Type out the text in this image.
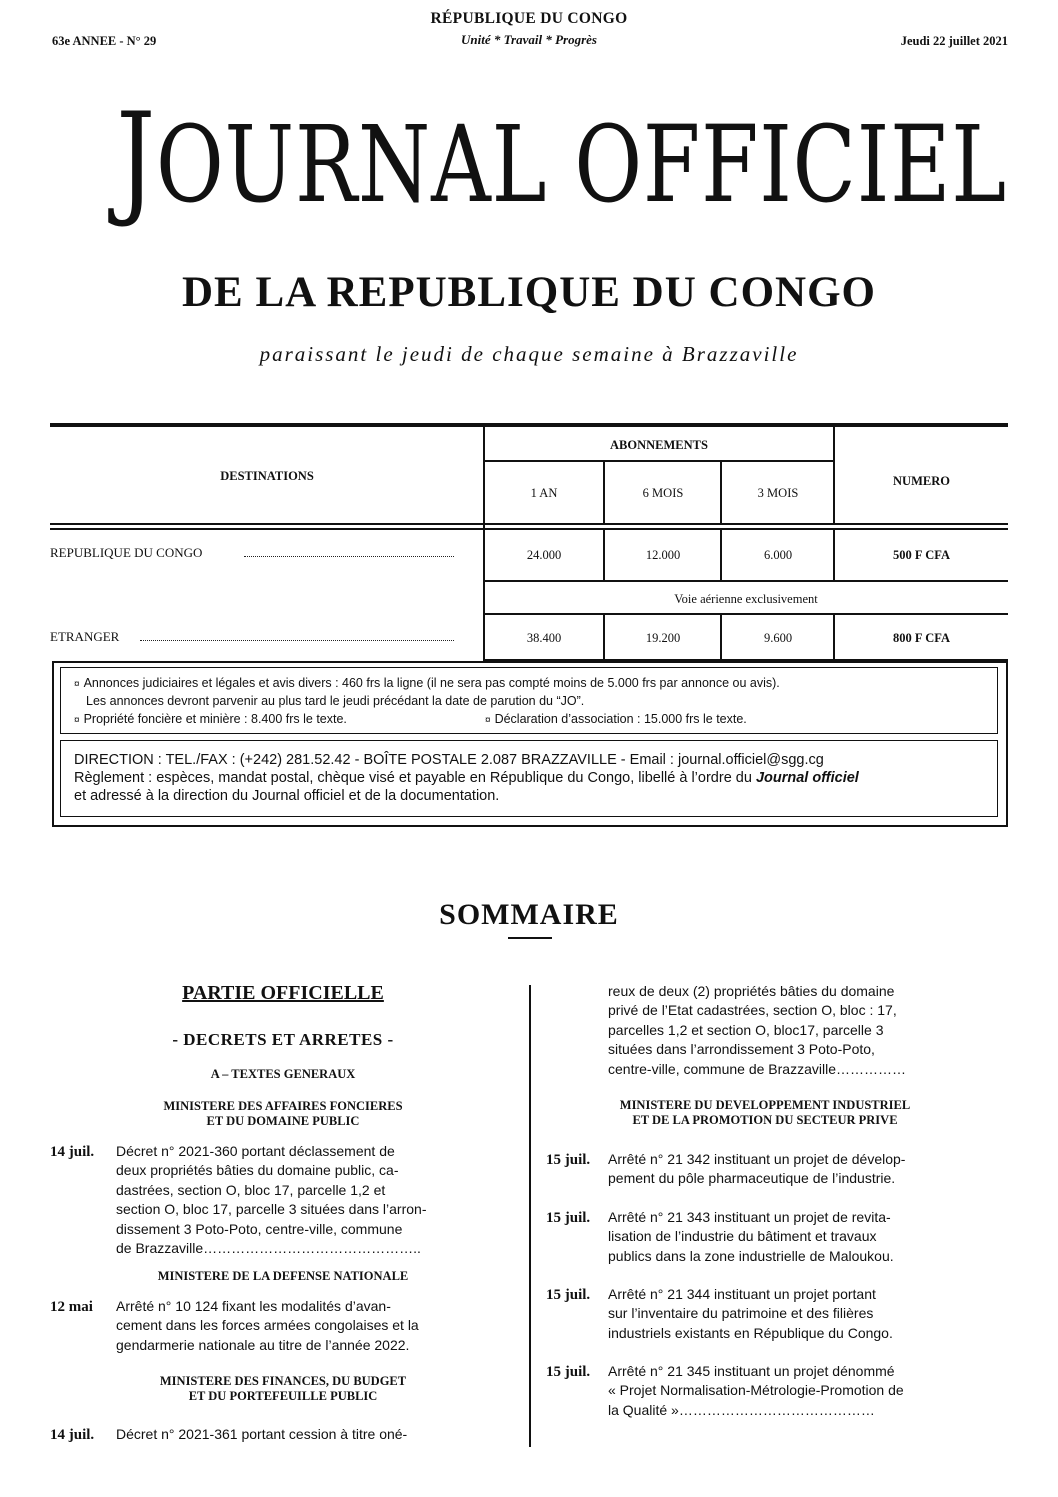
63e ANNEE - N° 29
RÉPUBLIQUE DU CONGO
Unité * Travail * Progrès	Jeudi 22 juillet 2021
JOURNAL OFFICIEL
DE LA REPUBLIQUE DU CONGO
paraissant le jeudi de chaque semaine à Brazzaville
DESTINATIONS
ABONNEMENTS
NUMERO
1 AN	6 MOIS	3 MOIS
REPUBLIQUE DU CONGO	24.000	12.000	6.000	500 F CFA
Voie aérienne exclusivement
ETRANGER	38.400	19.200	9.600	800 F CFA
¤ Annonces judiciaires et légales et avis divers : 460 frs la ligne (il ne sera pas compté moins de 5.000 frs par annonce ou avis).
Les annonces devront parvenir au plus tard le jeudi précédant la date de parution du “JO”.
¤ Propriété foncière et minière : 8.400 frs le texte.	¤ Déclaration d’association : 15.000 frs le texte.
DIRECTION : TEL./FAX : (+242) 281.52.42 - BOÎTE POSTALE 2.087 BRAZZAVILLE - Email : journal.officiel@sgg.cg
Règlement : espèces, mandat postal, chèque visé et payable en République du Congo, libellé à l’ordre du Journal officiel
et adressé à la direction du Journal officiel et de la documentation.
SOMMAIRE
PARTIE OFFICIELLE
- DECRETS ET ARRETES -
A – TEXTES GENERAUX
MINISTERE DES AFFAIRES FONCIERES
ET DU DOMAINE PUBLIC
14 juil. Décret n° 2021-360 portant déclassement de
deux propriétés bâties du domaine public, ca-
dastrées, section O, bloc 17, parcelle 1,2 et
section O, bloc 17, parcelle 3 situées dans l’arron-
dissement 3 Poto-Poto, centre-ville, commune
de Brazzaville………………………………………..
MINISTERE DE LA DEFENSE NATIONALE
12 mai Arrêté n° 10 124 fixant les modalités d’avan-
cement dans les forces armées congolaises et la
gendarmerie nationale au titre de l’année 2022.
MINISTERE DES FINANCES, DU BUDGET
ET DU PORTEFEUILLE PUBLIC
14 juil. Décret n° 2021-361 portant cession à titre oné-
reux de deux (2) propriétés bâties du domaine
privé de l’Etat cadastrées, section O, bloc : 17,
parcelles 1,2 et section O, bloc17, parcelle 3
situées dans l’arrondissement 3 Poto-Poto,
centre-ville, commune de Brazzaville……………
MINISTERE DU DEVELOPPEMENT INDUSTRIEL
ET DE LA PROMOTION DU SECTEUR PRIVE
15 juil. Arrêté n° 21 342 instituant un projet de dévelop-
pement du pôle pharmaceutique de l’industrie.
15 juil. Arrêté n° 21 343 instituant un projet de revita-
lisation de l’industrie du bâtiment et travaux
publics dans la zone industrielle de Maloukou.
15 juil. Arrêté n° 21 344 instituant un projet portant
sur l’inventaire du patrimoine et des filières
industriels existants en République du Congo.
15 juil. Arrêté n° 21 345 instituant un projet dénommé
« Projet Normalisation-Métrologie-Promotion de
la Qualité »……………………………………
